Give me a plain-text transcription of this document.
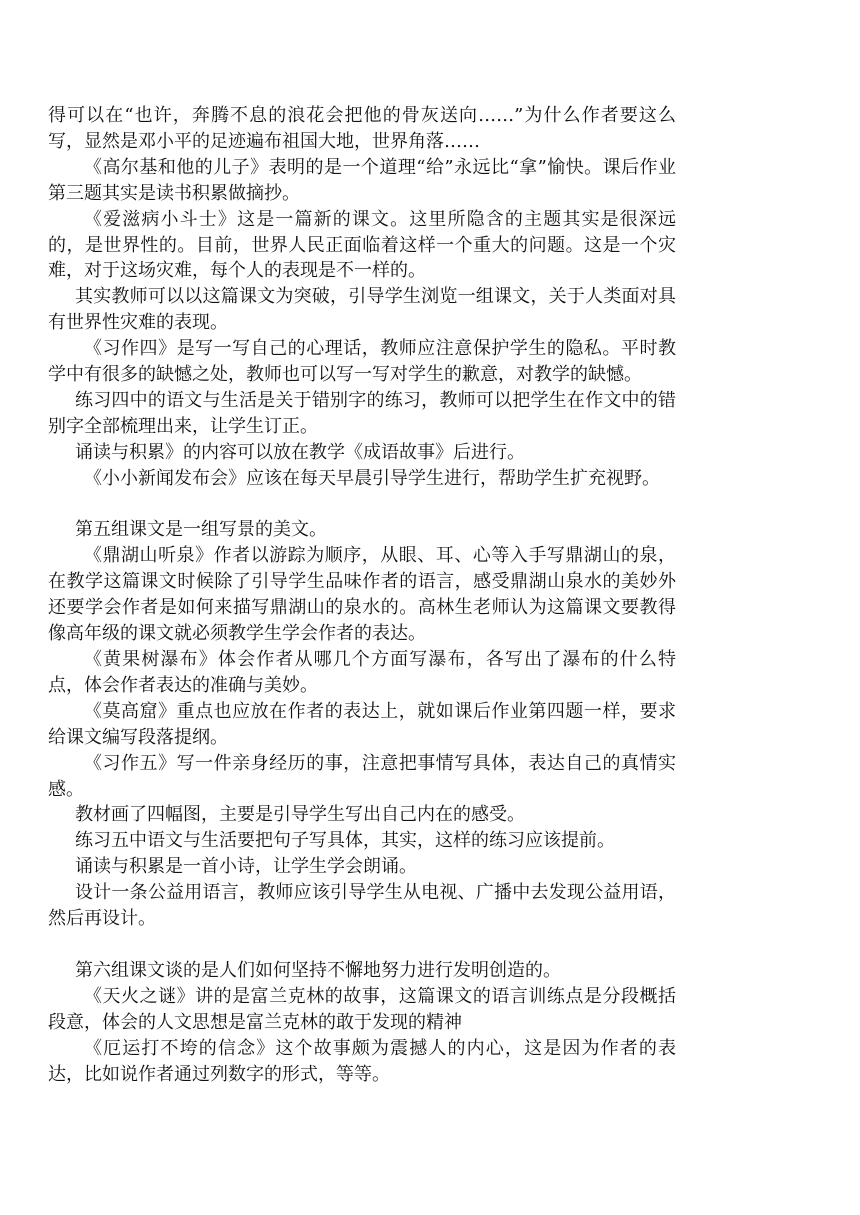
得可以在“也许，奔腾不息的浪花会把他的骨灰送向……”为什么作者要这么写，显然是邓小平的足迹遍布祖国大地，世界角落……

《高尔基和他的儿子》表明的是一个道理“给”永远比“拿”愉快。课后作业第三题其实是读书积累做摘抄。

《爱滋病小斗士》这是一篇新的课文。这里所隐含的主题其实是很深远的，是世界性的。目前，世界人民正面临着这样一个重大的问题。这是一个灾难，对于这场灾难，每个人的表现是不一样的。

其实教师可以以这篇课文为突破，引导学生浏览一组课文，关于人类面对具有世界性灾难的表现。

《习作四》是写一写自己的心理话，教师应注意保护学生的隐私。平时教学中有很多的缺憾之处，教师也可以写一写对学生的歉意，对教学的缺憾。

练习四中的语文与生活是关于错别字的练习，教师可以把学生在作文中的错别字全部梳理出来，让学生订正。

诵读与积累》的内容可以放在教学《成语故事》后进行。

《小小新闻发布会》应该在每天早晨引导学生进行，帮助学生扩充视野。

第五组课文是一组写景的美文。

《鼎湖山听泉》作者以游踪为顺序，从眼、耳、心等入手写鼎湖山的泉，在教学这篇课文时候除了引导学生品味作者的语言，感受鼎湖山泉水的美妙外还要学会作者是如何来描写鼎湖山的泉水的。高林生老师认为这篇课文要教得像高年级的课文就必须教学生学会作者的表达。

《黄果树瀑布》体会作者从哪几个方面写瀑布，各写出了瀑布的什么特点，体会作者表达的准确与美妙。

《莫高窟》重点也应放在作者的表达上，就如课后作业第四题一样，要求给课文编写段落提纲。

《习作五》写一件亲身经历的事，注意把事情写具体，表达自己的真情实感。

教材画了四幅图，主要是引导学生写出自己内在的感受。

练习五中语文与生活要把句子写具体，其实，这样的练习应该提前。

诵读与积累是一首小诗，让学生学会朗诵。

设计一条公益用语言，教师应该引导学生从电视、广播中去发现公益用语，然后再设计。

第六组课文谈的是人们如何坚持不懈地努力进行发明创造的。

《天火之谜》讲的是富兰克林的故事，这篇课文的语言训练点是分段概括段意，体会的人文思想是富兰克林的敢于发现的精神

《厄运打不垮的信念》这个故事颇为震撼人的内心，这是因为作者的表达，比如说作者通过列数字的形式，等等。
